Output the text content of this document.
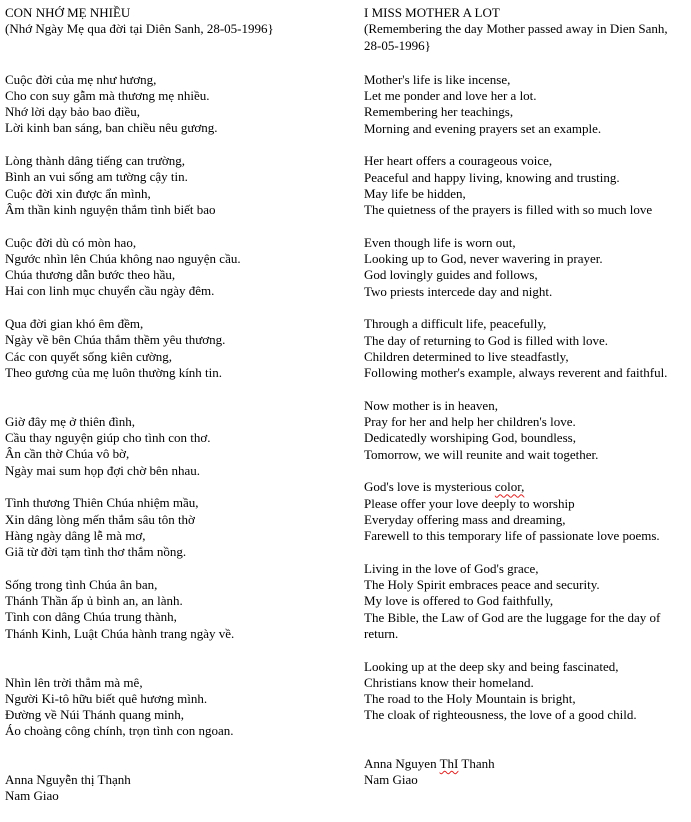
CON NHỚ MẸ NHIỀU
(Nhớ Ngày Mẹ qua đời tại Diên Sanh, 28-05-1996}
Cuộc đời của mẹ như hương,
Cho con suy gẫm mà thương mẹ nhiều.
Nhớ lời dạy bảo bao điều,
Lời kinh ban sáng, ban chiều nêu gương.
Lòng thành dâng tiếng can trường,
Bình an vui sống am tường cậy tin.
Cuộc đời xin được ẩn mình,
Âm thần kinh nguyện thắm tình biết bao
Cuộc đời dù có mòn hao,
Ngước nhìn lên Chúa không nao nguyện cầu.
Chúa thương dẫn bước theo hầu,
Hai con linh mục chuyển cầu ngày đêm.
Qua đời gian khó êm đềm,
Ngày về bên Chúa thắm thềm yêu thương.
Các con quyết sống kiên cường,
Theo gương của mẹ luôn thường kính tin.
Giờ đây mẹ ở thiên đình,
Cầu thay nguyện giúp cho tình con thơ.
Ân cần thờ Chúa vô bờ,
Ngày mai sum họp đợi chờ bên nhau.
Tình thương Thiên Chúa nhiệm mầu,
Xin dâng lòng mến thắm sâu tôn thờ
Hàng ngày dâng lễ mà mơ,
Giã từ đời tạm tình thơ thắm nồng.
Sống trong tình Chúa ân ban,
Thánh Thần ấp ủ bình an, an lành.
Tình con dâng Chúa trung thành,
Thánh Kinh, Luật Chúa hành trang ngày về.
Nhìn lên trời thẳm mà mê,
Người Ki-tô hữu biết quê hương mình.
Đường về Núi Thánh quang minh,
Áo choàng công chính, trọn tình con ngoan.
Anna Nguyễn thị Thạnh
Nam Giao
I MISS MOTHER A LOT
(Remembering the day Mother passed away in Dien Sanh, 28-05-1996}
Mother's life is like incense,
Let me ponder and love her a lot.
Remembering her teachings,
Morning and evening prayers set an example.
Her heart offers a courageous voice,
Peaceful and happy living, knowing and trusting.
May life be hidden,
The quietness of the prayers is filled with so much love
Even though life is worn out,
Looking up to God, never wavering in prayer.
God lovingly guides and follows,
Two priests intercede day and night.
Through a difficult life, peacefully,
The day of returning to God is filled with love.
Children determined to live steadfastly,
Following mother's example, always reverent and faithful.
Now mother is in heaven,
Pray for her and help her children's love.
Dedicatedly worshiping God, boundless,
Tomorrow, we will reunite and wait together.
God's love is mysterious color,
Please offer your love deeply to worship
Everyday offering mass and dreaming,
Farewell to this temporary life of passionate love poems.
Living in the love of God's grace,
The Holy Spirit embraces peace and security.
My love is offered to God faithfully,
The Bible, the Law of God are the luggage for the day of return.
Looking up at the deep sky and being fascinated,
Christians know their homeland.
The road to the Holy Mountain is bright,
The cloak of righteousness, the love of a good child.
Anna Nguyen ThI Thanh
Nam Giao
